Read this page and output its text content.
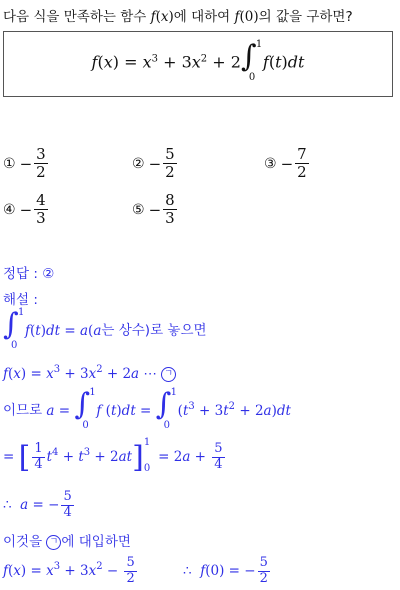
다음 식을 만족하는 함수 f(x)에 대하여 f(0)의 값을 구하면?
$f(x) = x^3 + 3x^2 + 2$ ∫ 1
0
f(t)dt
① − $\frac{3}{2}$	② − $\frac{5}{2}$	③ − $\frac{7}{2}$
④ − $\frac{4}{3}$	⑤ − $\frac{8}{3}$
정답 : ②
해설 :
∫ 1
0
f(t)dt = a(a는 상수)로 놓으면
$f(x) = x^3 + 3x^2 + 2a$ ⋯ ㄱ
이므로 a = ∫ 1
0
f (t)dt = ∫ 1
0
$(t^3 + 3t^2 + 2a)dt$
= [ $\frac{1}{4} t^4 + t^3 + 2at$] 1
0
= $2a + \frac{5}{4}$
∴  a = − $\frac{5}{4}$
이것을 ㄱ 에 대입하면
$f(x) = x^3 + 3x^2 - \frac{5}{2}$	∴  f(0) = − $\frac{5}{2}$
